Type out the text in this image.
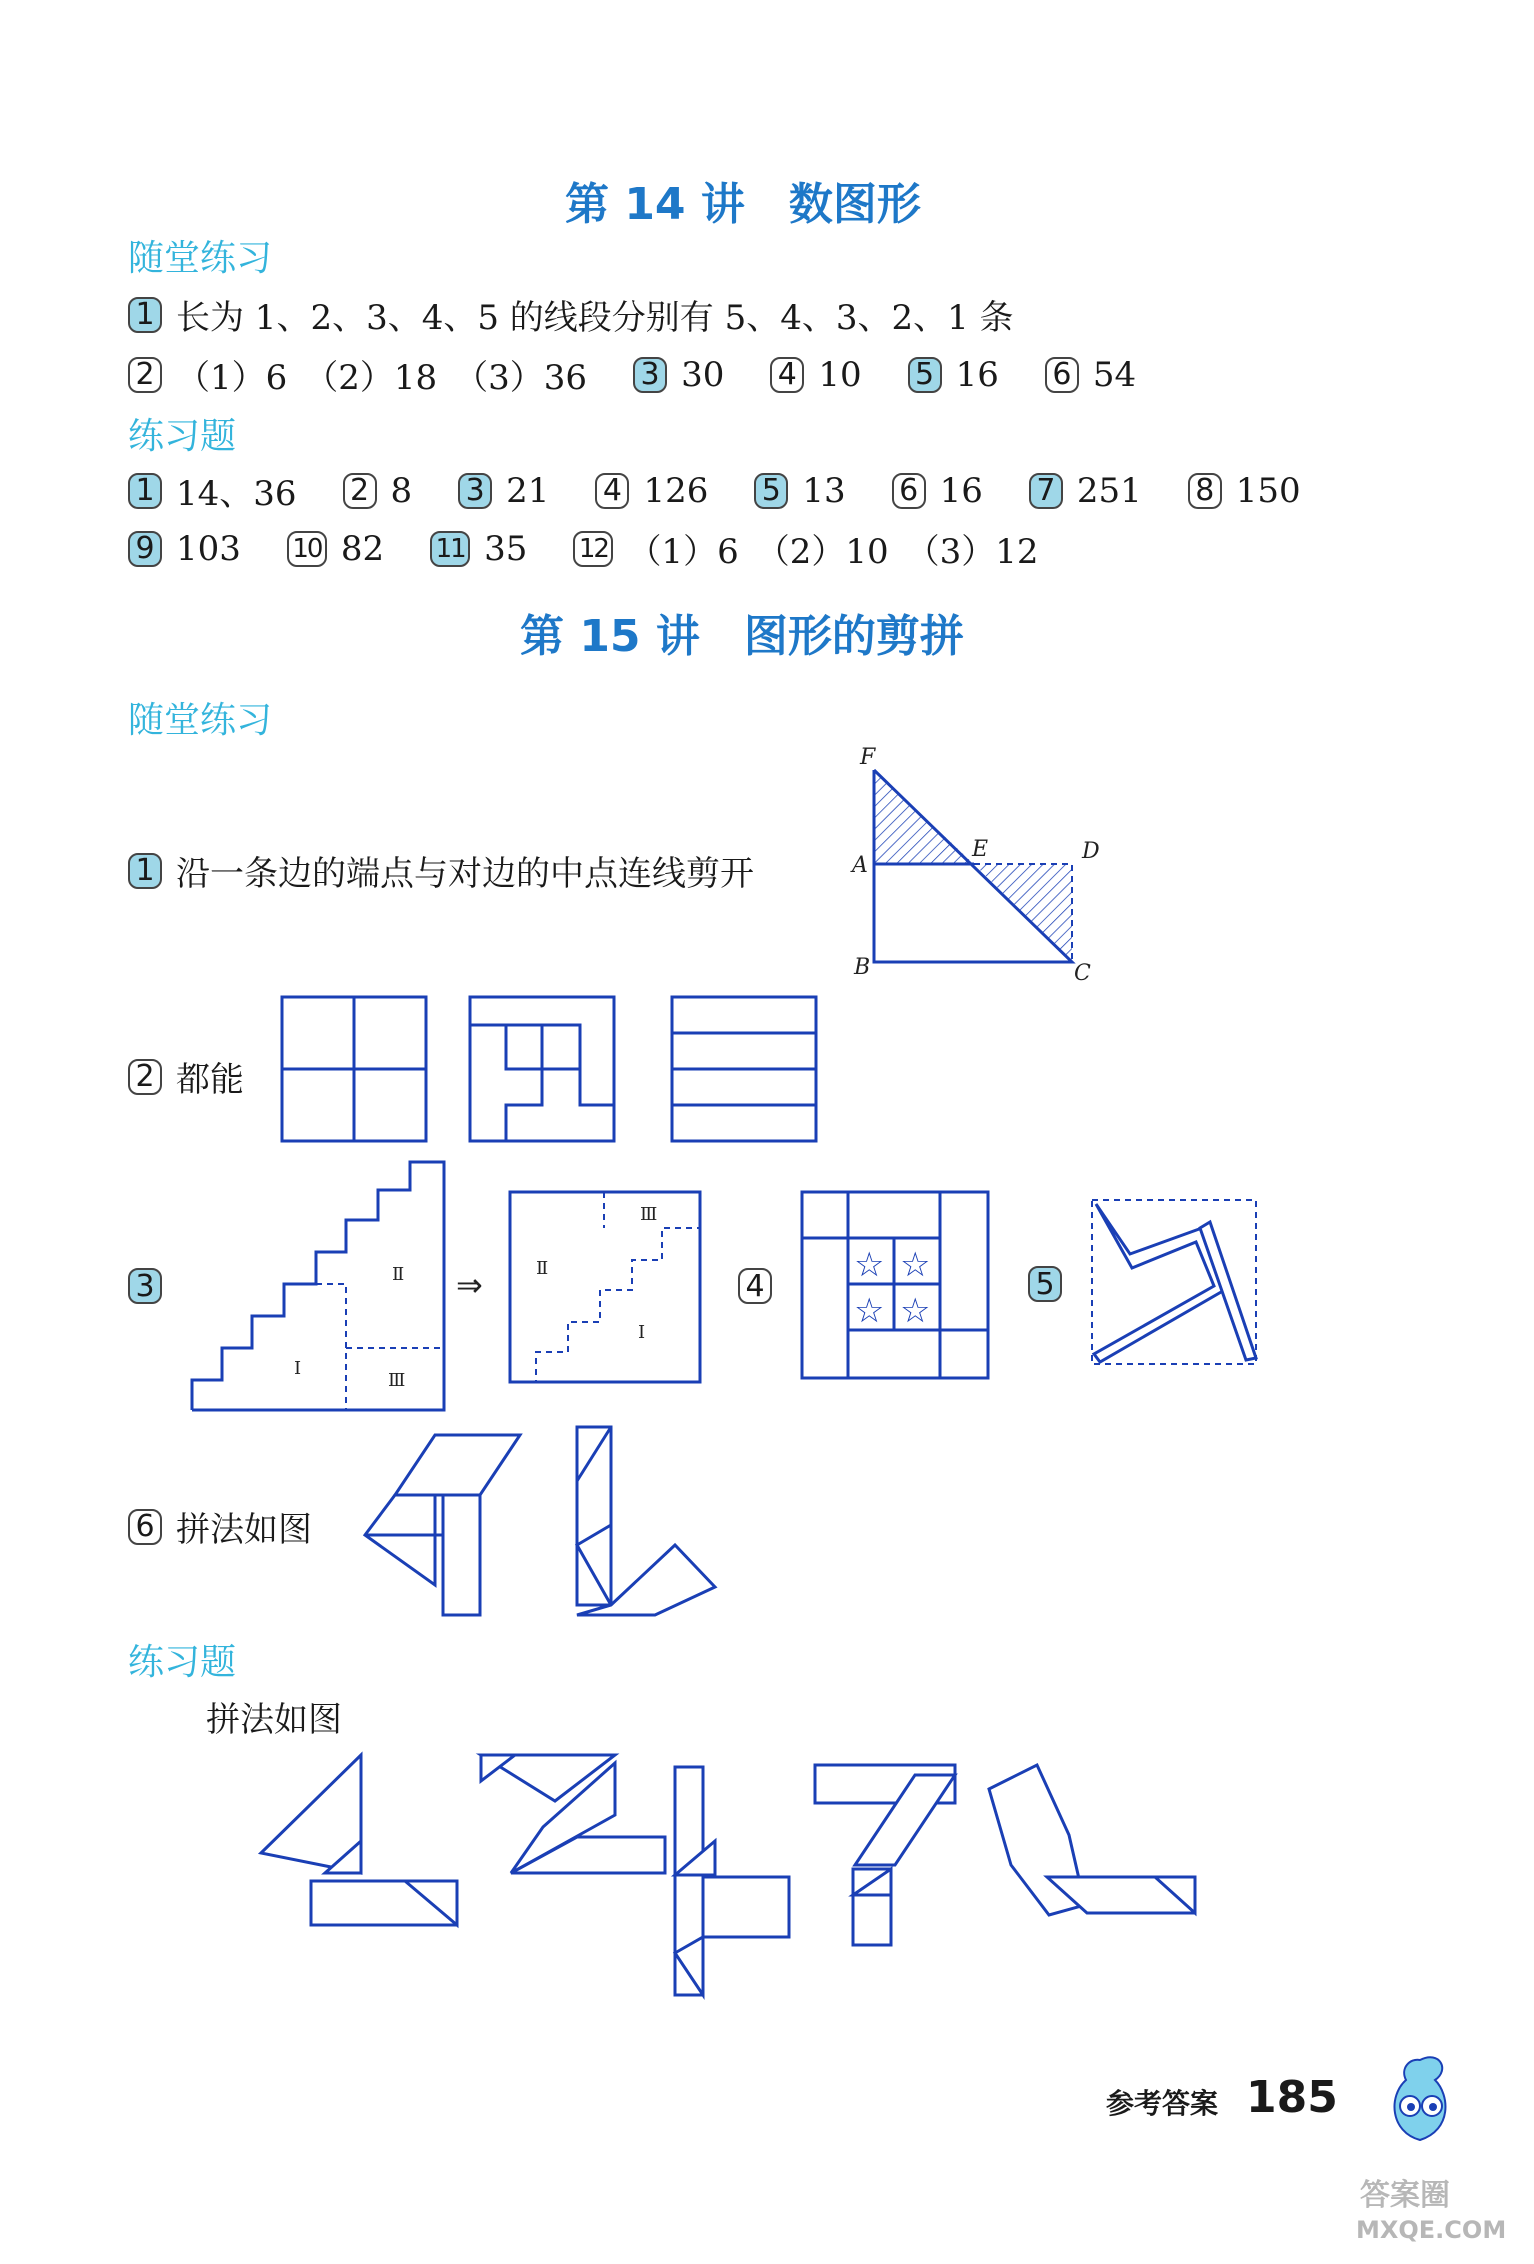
第 14 讲　数图形
随堂练习
1 长为 1、2、3、4、5 的线段分别有 5、4、3、2、1 条
2 （1）6　（2）18　（3）36 3 30 4 10 5 16 6 54
练习题
1 14、36 2 8 3 21 4 126 5 13 6 16 7 251 8 150
9 103 10 82 11 35 12 （1）6　（2）10　（3）12
第 15 讲　图形的剪拼
随堂练习
1 沿一条边的端点与对边的中点连线剪开
F
A
E	D
B	C
2 都能
3
Ⅰ
Ⅱ
Ⅲ
⇒	Ⅱ
Ⅲ
Ⅰ
4
☆ ☆
☆ ☆
5
6 拼法如图
练习题
拼法如图
参考答案 185
答案圈
MXQE.COM
